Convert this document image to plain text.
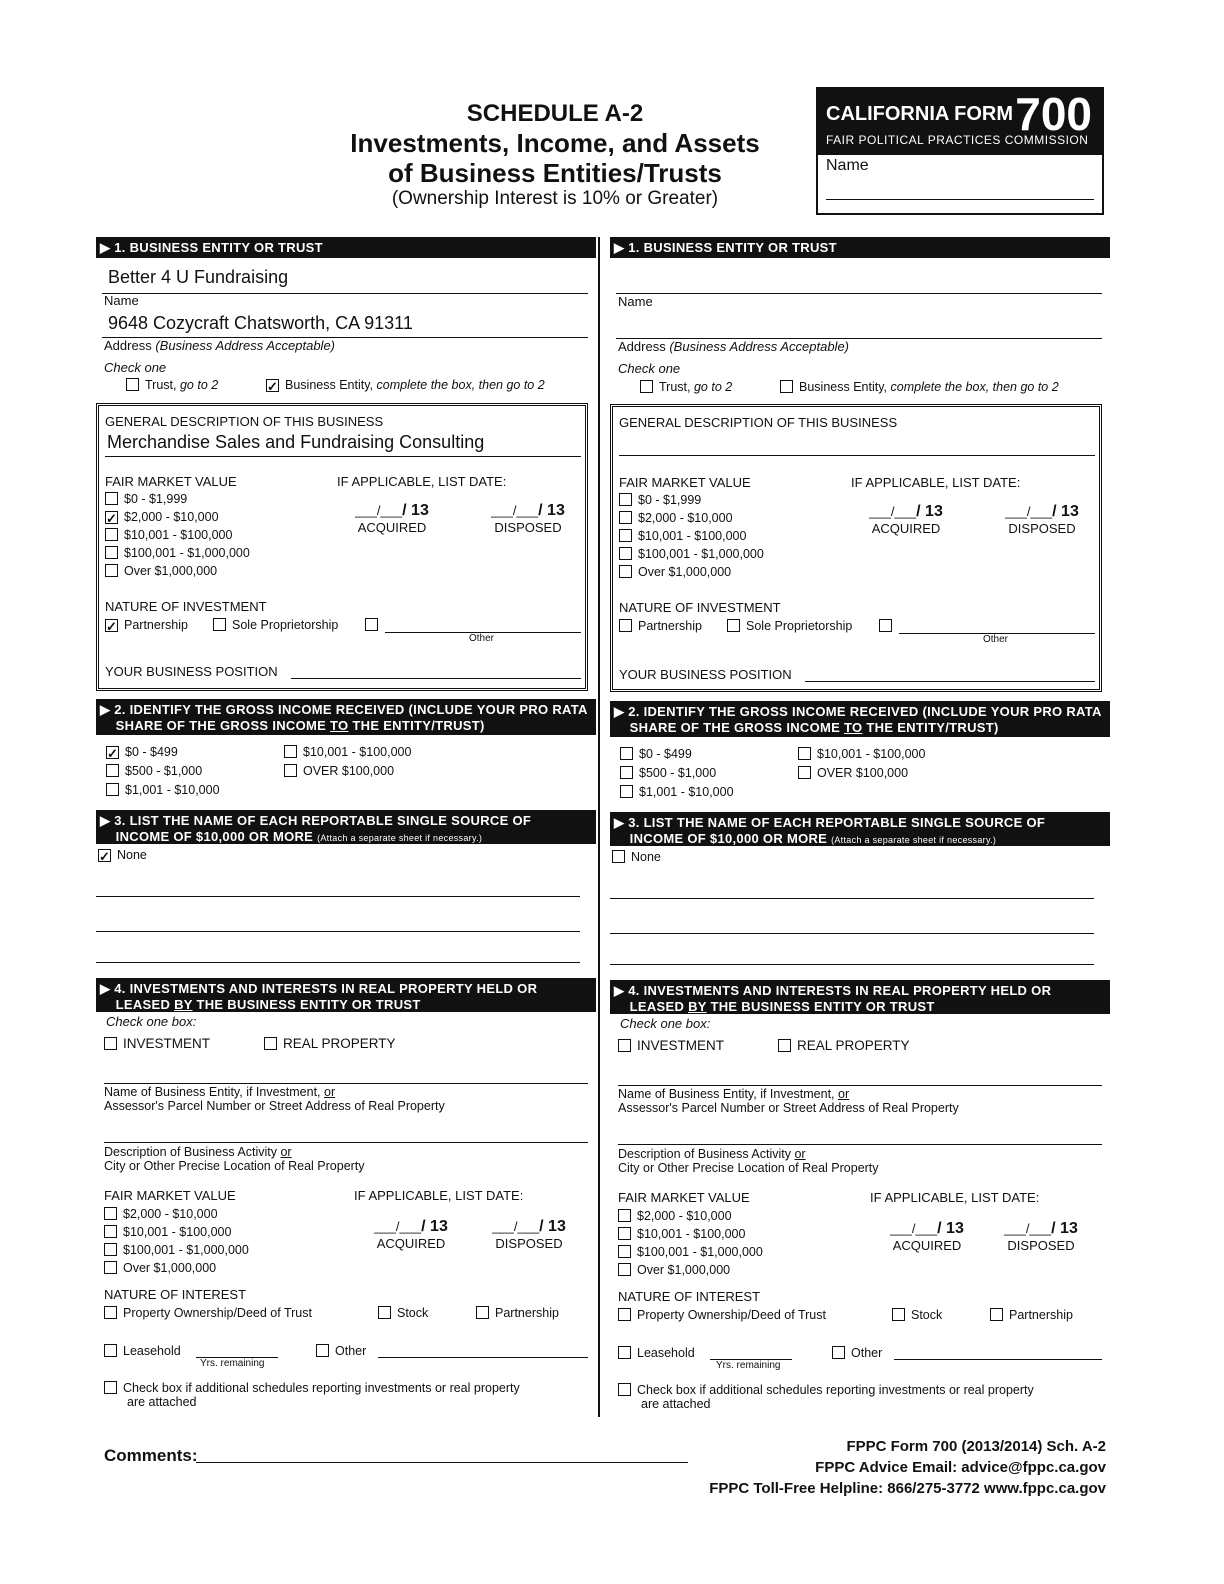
SCHEDULE A-2
Investments, Income, and Assets
of Business Entities/Trusts
(Ownership Interest is 10% or Greater)
CALIFORNIA FORM 700
FAIR POLITICAL PRACTICES COMMISSION
Name
▶ 1. BUSINESS ENTITY OR TRUST
Better 4 U Fundraising
Name
9648 Cozycraft Chatsworth, CA 91311
Address (Business Address Acceptable)
Check one
Trust, go to 2	✓ Business Entity, complete the box, then go to 2
GENERAL DESCRIPTION OF THIS BUSINESS
Merchandise Sales and Fundraising Consulting
FAIR MARKET VALUE	IF APPLICABLE, LIST DATE:
$0 - $1,999
✓ $2,000 - $10,000
$10,001 - $100,000
$100,001 - $1,000,000
Over $1,000,000
___/___/ 13
ACQUIRED
___/___/ 13
DISPOSED
NATURE OF INVESTMENT
✓ Partnership	Sole Proprietorship
Other
YOUR BUSINESS POSITION
▶ 2. IDENTIFY THE GROSS INCOME RECEIVED (INCLUDE YOUR PRO RATA
SHARE OF THE GROSS INCOME TO THE ENTITY/TRUST)
✓ $0 - $499
$500 - $1,000
$1,001 - $10,000
$10,001 - $100,000
OVER $100,000
▶ 3. LIST THE NAME OF EACH REPORTABLE SINGLE SOURCE OF
INCOME OF $10,000 OR MORE (Attach a separate sheet if necessary.)
✓ None
▶ 4. INVESTMENTS AND INTERESTS IN REAL PROPERTY HELD OR
LEASED BY THE BUSINESS ENTITY OR TRUST
Check one box:
INVESTMENT	REAL PROPERTY
Name of Business Entity, if Investment, or
Assessor's Parcel Number or Street Address of Real Property
Description of Business Activity or
City or Other Precise Location of Real Property
FAIR MARKET VALUE	IF APPLICABLE, LIST DATE:
$2,000 - $10,000
$10,001 - $100,000
$100,001 - $1,000,000
Over $1,000,000
___/___/ 13
ACQUIRED
___/___/ 13
DISPOSED
NATURE OF INTEREST
Property Ownership/Deed of Trust	Stock	Partnership
Leasehold
Yrs. remaining
Other
Check box if additional schedules reporting investments or real property
are attached
▶ 1. BUSINESS ENTITY OR TRUST
Name
Address (Business Address Acceptable)
Check one
Trust, go to 2	Business Entity, complete the box, then go to 2
GENERAL DESCRIPTION OF THIS BUSINESS
FAIR MARKET VALUE	IF APPLICABLE, LIST DATE:
$0 - $1,999
$2,000 - $10,000
$10,001 - $100,000
$100,001 - $1,000,000
Over $1,000,000
___/___/ 13
ACQUIRED
___/___/ 13
DISPOSED
NATURE OF INVESTMENT
Partnership	Sole Proprietorship
Other
YOUR BUSINESS POSITION
▶ 2. IDENTIFY THE GROSS INCOME RECEIVED (INCLUDE YOUR PRO RATA
SHARE OF THE GROSS INCOME TO THE ENTITY/TRUST)
$0 - $499
$500 - $1,000
$1,001 - $10,000
$10,001 - $100,000
OVER $100,000
▶ 3. LIST THE NAME OF EACH REPORTABLE SINGLE SOURCE OF
INCOME OF $10,000 OR MORE (Attach a separate sheet if necessary.)
None
▶ 4. INVESTMENTS AND INTERESTS IN REAL PROPERTY HELD OR
LEASED BY THE BUSINESS ENTITY OR TRUST
Check one box:
INVESTMENT	REAL PROPERTY
Name of Business Entity, if Investment, or
Assessor's Parcel Number or Street Address of Real Property
Description of Business Activity or
City or Other Precise Location of Real Property
FAIR MARKET VALUE	IF APPLICABLE, LIST DATE:
$2,000 - $10,000
$10,001 - $100,000
$100,001 - $1,000,000
Over $1,000,000
___/___/ 13
ACQUIRED
___/___/ 13
DISPOSED
NATURE OF INTEREST
Property Ownership/Deed of Trust	Stock	Partnership
Leasehold
Yrs. remaining
Other
Check box if additional schedules reporting investments or real property
are attached
Comments:	FPPC Form 700 (2013/2014) Sch. A-2
FPPC Advice Email: advice@fppc.ca.gov
FPPC Toll-Free Helpline: 866/275-3772 www.fppc.ca.gov
